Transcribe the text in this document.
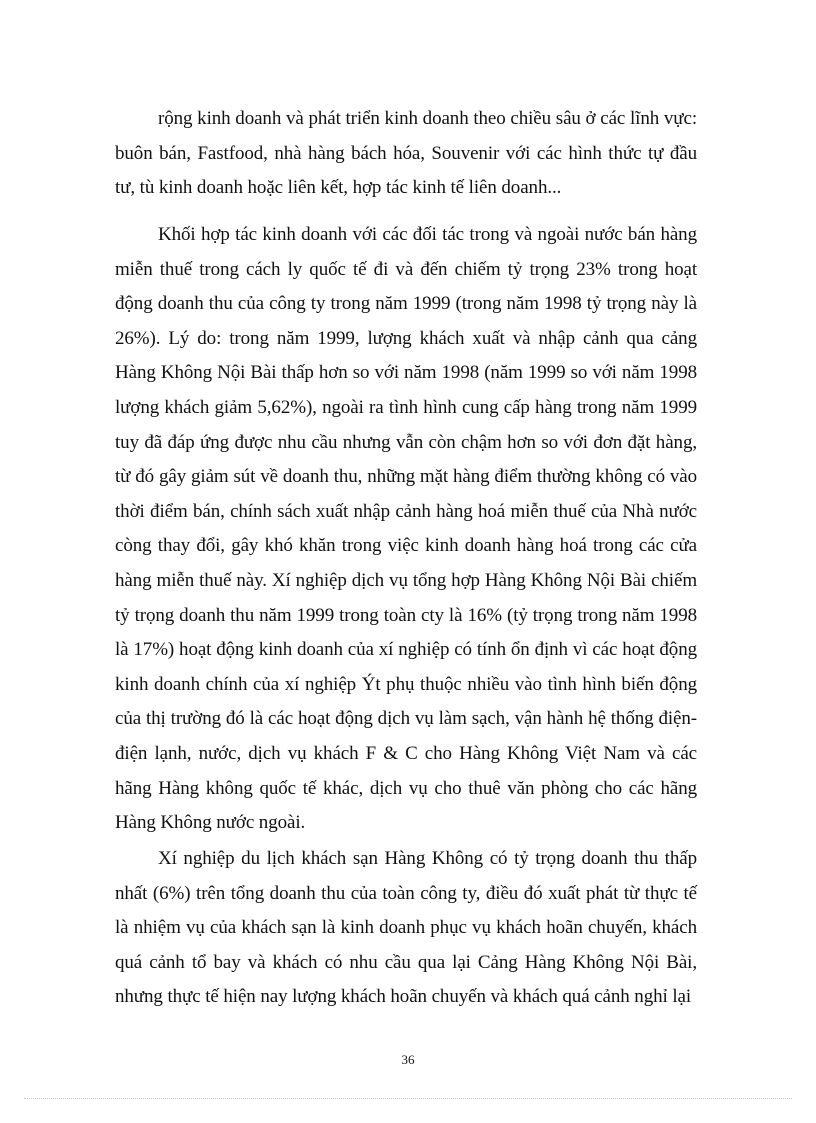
rộng kinh doanh và phát triển kinh doanh theo chiều sâu ở các lĩnh vực: buôn bán, Fastfood, nhà hàng bách hóa, Souvenir với các hình thức tự đầu tư, tù kinh doanh hoặc liên kết, hợp tác kinh tế liên doanh...

Khối hợp tác kinh doanh với các đối tác trong và ngoài nước bán hàng miễn thuế trong cách ly quốc tế đi và đến chiếm tỷ trọng 23% trong hoạt động doanh thu của công ty trong năm 1999 (trong năm 1998 tỷ trọng này là 26%). Lý do: trong năm 1999, lượng khách xuất và nhập cảnh qua cảng Hàng Không Nội Bài thấp hơn so với năm 1998 (năm 1999 so với năm 1998 lượng khách giảm 5,62%), ngoài ra tình hình cung cấp hàng trong năm 1999 tuy đã đáp ứng được nhu cầu nhưng vẫn còn chậm hơn so với đơn đặt hàng, từ đó gây giảm sút về doanh thu, những mặt hàng điểm thường không có vào thời điểm bán, chính sách xuất nhập cảnh hàng hoá miễn thuế của Nhà nước còng thay đổi, gây khó khăn trong việc kinh doanh hàng hoá trong các cửa hàng miễn thuế này. Xí nghiệp dịch vụ tổng hợp Hàng Không Nội Bài chiếm tỷ trọng doanh thu năm 1999 trong toàn cty là 16% (tỷ trọng trong năm 1998 là 17%) hoạt động kinh doanh của xí nghiệp có tính ổn định vì các hoạt động kinh doanh chính của xí nghiệp Ýt phụ thuộc nhiều vào tình hình biến động của thị trường đó là các hoạt động dịch vụ làm sạch, vận hành hệ thống điện-điện lạnh, nước, dịch vụ khách F & C cho Hàng Không Việt Nam và các hãng Hàng không quốc tế khác, dịch vụ cho thuê văn phòng cho các hãng Hàng Không nước ngoài.

Xí nghiệp du lịch khách sạn Hàng Không có tỷ trọng doanh thu thấp nhất (6%) trên tổng doanh thu của toàn công ty, điều đó xuất phát từ thực tế là nhiệm vụ của khách sạn là kinh doanh phục vụ khách hoãn chuyến, khách quá cảnh tổ bay và khách có nhu cầu qua lại Cảng Hàng Không Nội Bài, nhưng thực tế hiện nay lượng khách hoãn chuyến và khách quá cảnh nghỉ lại

36
